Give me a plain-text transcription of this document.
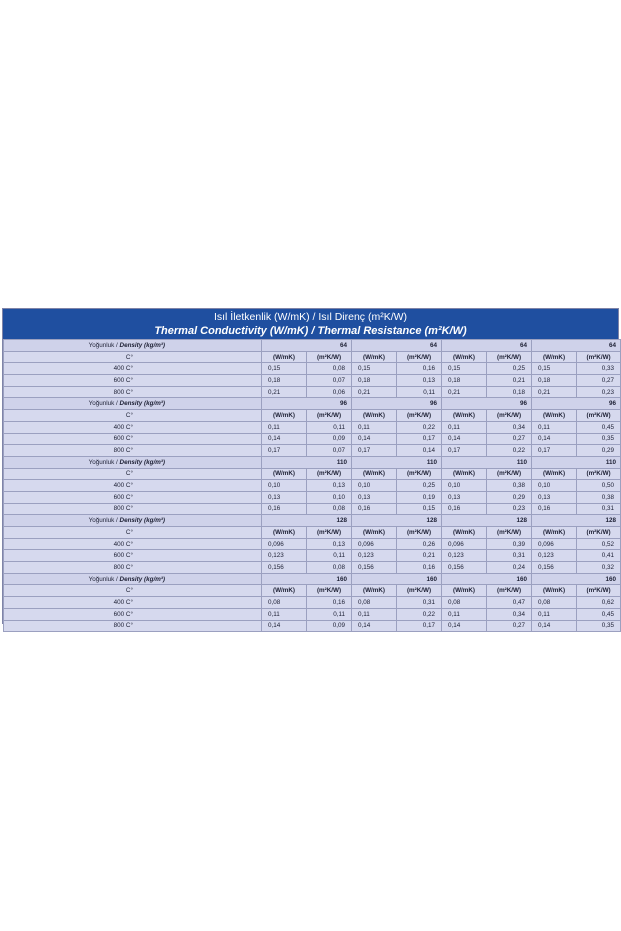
Isıl İletkenlik (W/mK) / Isıl Direnç (m²K/W)
Thermal Conductivity (W/mK) / Thermal Resistance (m²K/W)
Yoğunluk / Density (kg/m³)	64		64		64		64	
C°	(W/mK)	(m²K/W)	(W/mK)	(m²K/W)	(W/mK)	(m²K/W)	(W/mK)	(m²K/W)
400 C°	0,15	0,08	0,15	0,16	0,15	0,25	0,15	0,33
600 C°	0,18	0,07	0,18	0,13	0,18	0,21	0,18	0,27
800 C°	0,21	0,06	0,21	0,11	0,21	0,18	0,21	0,23
Yoğunluk / Density (kg/m³)	96		96		96		96	
C°	(W/mK)	(m²K/W)	(W/mK)	(m²K/W)	(W/mK)	(m²K/W)	(W/mK)	(m²K/W)
400 C°	0,11	0,11	0,11	0,22	0,11	0,34	0,11	0,45
600 C°	0,14	0,09	0,14	0,17	0,14	0,27	0,14	0,35
800 C°	0,17	0,07	0,17	0,14	0,17	0,22	0,17	0,29
Yoğunluk / Density (kg/m³)	110		110		110		110	
C°	(W/mK)	(m²K/W)	(W/mK)	(m²K/W)	(W/mK)	(m²K/W)	(W/mK)	(m²K/W)
400 C°	0,10	0,13	0,10	0,25	0,10	0,38	0,10	0,50
600 C°	0,13	0,10	0,13	0,19	0,13	0,29	0,13	0,38
800 C°	0,16	0,08	0,16	0,15	0,16	0,23	0,16	0,31
Yoğunluk / Density (kg/m³)	128		128		128		128	
C°	(W/mK)	(m²K/W)	(W/mK)	(m²K/W)	(W/mK)	(m²K/W)	(W/mK)	(m²K/W)
400 C°	0,096	0,13	0,096	0,26	0,096	0,39	0,096	0,52
600 C°	0,123	0,11	0,123	0,21	0,123	0,31	0,123	0,41
800 C°	0,156	0,08	0,156	0,16	0,156	0,24	0,156	0,32
Yoğunluk / Density (kg/m³)	160		160		160		160	
C°	(W/mK)	(m²K/W)	(W/mK)	(m²K/W)	(W/mK)	(m²K/W)	(W/mK)	(m²K/W)
400 C°	0,08	0,16	0,08	0,31	0,08	0,47	0,08	0,62
600 C°	0,11	0,11	0,11	0,22	0,11	0,34	0,11	0,45
800 C°	0,14	0,09	0,14	0,17	0,14	0,27	0,14	0,35
